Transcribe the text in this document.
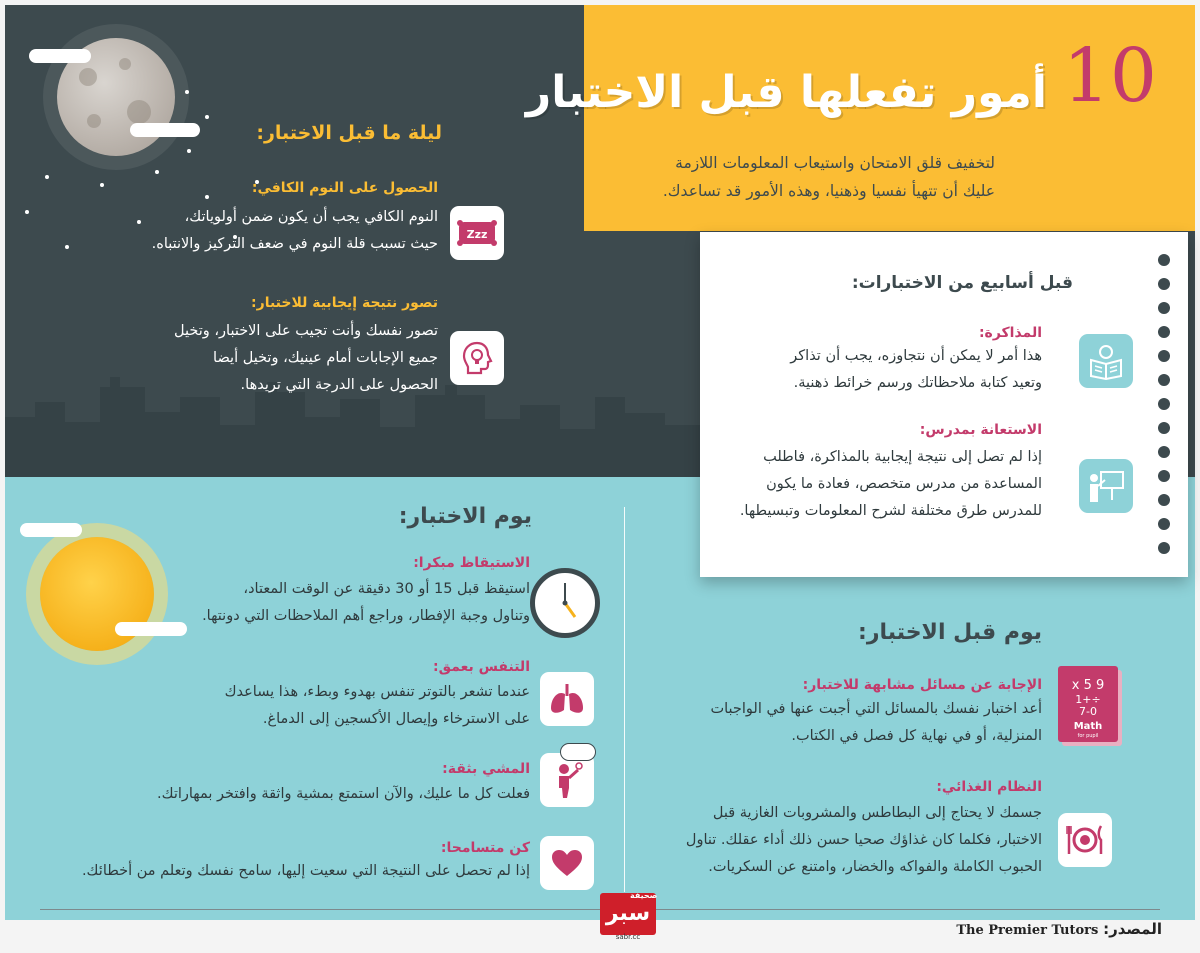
10
أمور تفعلها قبل الاختبار
لتخفيف قلق الامتحان واستيعاب المعلومات اللازمة
عليك أن تتهيأ نفسيا وذهنيا، وهذه الأمور قد تساعدك.
ليلة ما قبل الاختبار:
الحصول على النوم الكافي:
النوم الكافي يجب أن يكون ضمن أولوياتك،
حيث تسبب قلة النوم في ضعف التركيز والانتباه.
Zzz
تصور نتيجة إيجابية للاختبار:
تصور نفسك وأنت تجيب على الاختبار، وتخيل
جميع الإجابات أمام عينيك، وتخيل أيضا
الحصول على الدرجة التي تريدها.
قبل أسابيع من الاختبارات:
المذاكرة:
هذا أمر لا يمكن أن نتجاوزه، يجب أن تذاكر
وتعيد كتابة ملاحظاتك ورسم خرائط ذهنية.
الاستعانة بمدرس:
إذا لم تصل إلى نتيجة إيجابية بالمذاكرة، فاطلب
المساعدة من مدرس متخصص، فعادة ما يكون
للمدرس طرق مختلفة لشرح المعلومات وتبسيطها.
يوم قبل الاختبار:
الإجابة عن مسائل مشابهة للاختبار:
أعد اختبار نفسك بالمسائل التي أجبت عنها في الواجبات
المنزلية، أو في نهاية كل فصل في الكتاب.
x 5 9
1+÷
7-0
Math
for pupil
النظام الغذائي:
جسمك لا يحتاج إلى البطاطس والمشروبات الغازية قبل
الاختبار، فكلما كان غذاؤك صحيا حسن ذلك أداء عقلك. تناول
الحبوب الكاملة والفواكه والخضار، وامتنع عن السكريات.
يوم الاختبار:
الاستيقاظ مبكرا:
استيقظ قبل 15 أو 30 دقيقة عن الوقت المعتاد،
وتناول وجبة الإفطار، وراجع أهم الملاحظات التي دونتها.
التنفس بعمق:
عندما تشعر بالتوتر تنفس بهدوء وبطء، هذا يساعدك
على الاسترخاء وإيصال الأكسجين إلى الدماغ.
المشي بثقة:
فعلت كل ما عليك، والآن استمتع بمشية واثقة وافتخر بمهاراتك.
كن متسامحا:
إذا لم تحصل على النتيجة التي سعيت إليها، سامح نفسك وتعلم من أخطائك.
صحيفة
سبر
sabr.cc	المصدر: The Premier Tutors
